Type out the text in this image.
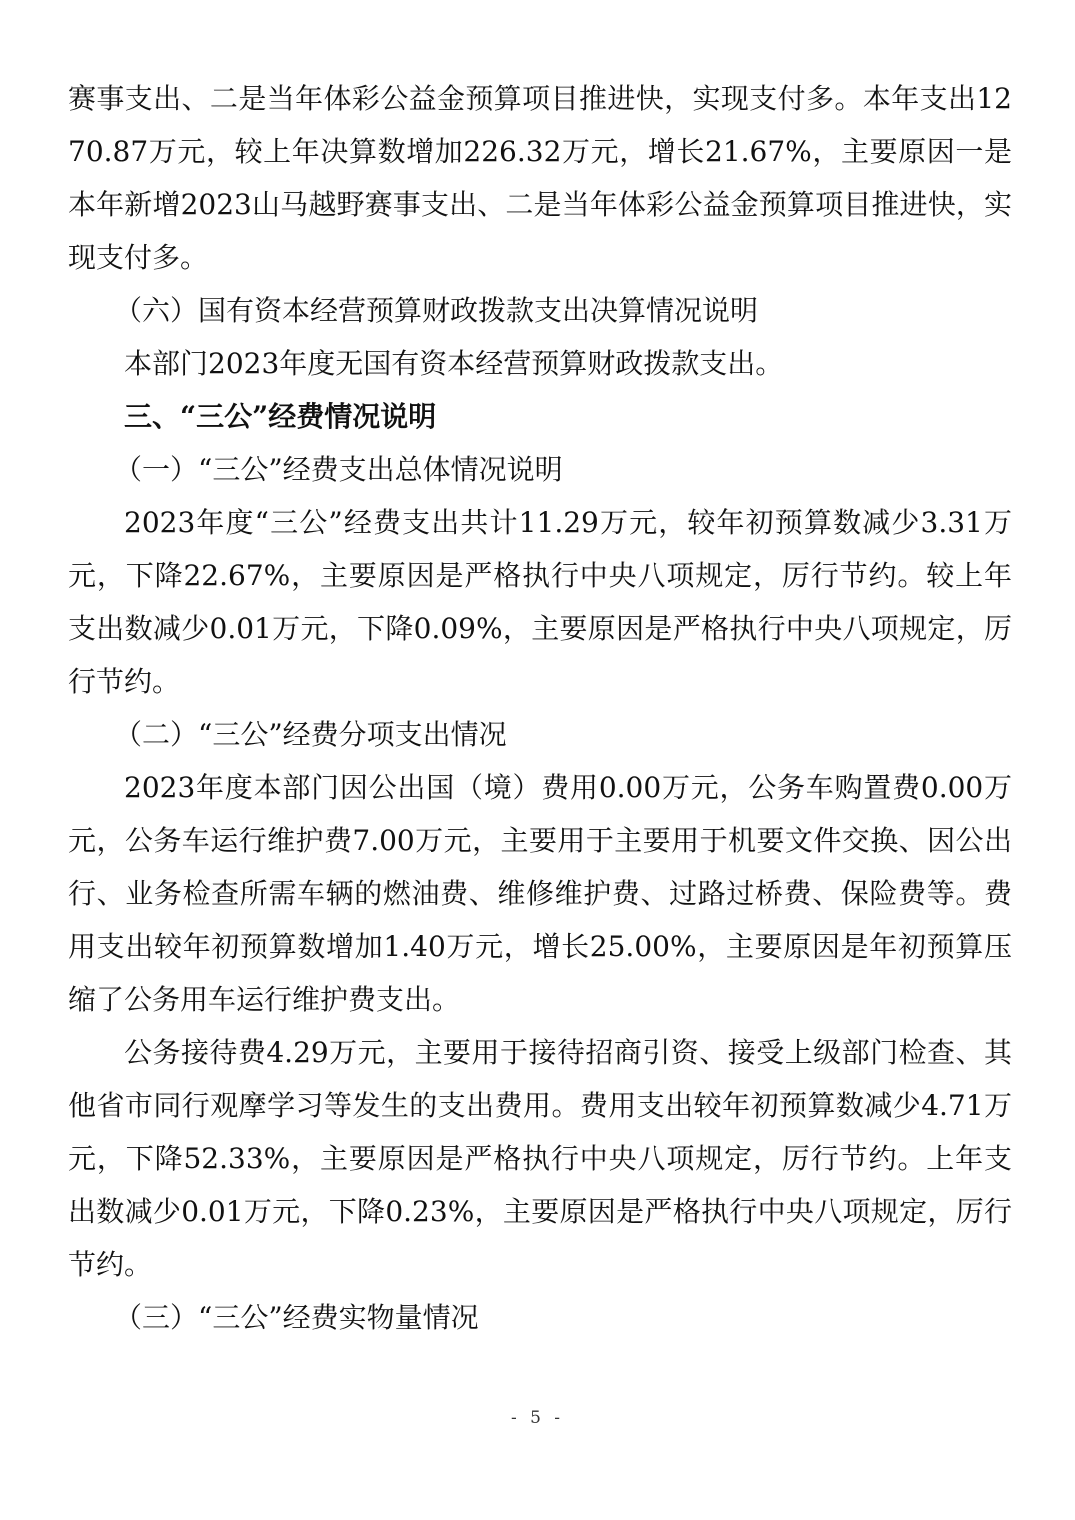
赛事支出、二是当年体彩公益金预算项目推进快，实现支付多。本年支出1270.87万元，较上年决算数增加226.32万元，增长21.67%，主要原因一是本年新增2023山马越野赛事支出、二是当年体彩公益金预算项目推进快，实现支付多。

（六）国有资本经营预算财政拨款支出决算情况说明

本部门2023年度无国有资本经营预算财政拨款支出。

三、“三公”经费情况说明

（一）“三公”经费支出总体情况说明

2023年度“三公”经费支出共计11.29万元，较年初预算数减少3.31万元，下降22.67%，主要原因是严格执行中央八项规定，厉行节约。较上年支出数减少0.01万元，下降0.09%，主要原因是严格执行中央八项规定，厉行节约。

（二）“三公”经费分项支出情况

2023年度本部门因公出国（境）费用0.00万元，公务车购置费0.00万元，公务车运行维护费7.00万元，主要用于主要用于机要文件交换、因公出行、业务检查所需车辆的燃油费、维修维护费、过路过桥费、保险费等。费用支出较年初预算数增加1.40万元，增长25.00%，主要原因是年初预算压缩了公务用车运行维护费支出。

公务接待费4.29万元，主要用于接待招商引资、接受上级部门检查、其他省市同行观摩学习等发生的支出费用。费用支出较年初预算数减少4.71万元，下降52.33%，主要原因是严格执行中央八项规定，厉行节约。上年支出数减少0.01万元，下降0.23%，主要原因是严格执行中央八项规定，厉行节约。

（三）“三公”经费实物量情况

- 5 -
